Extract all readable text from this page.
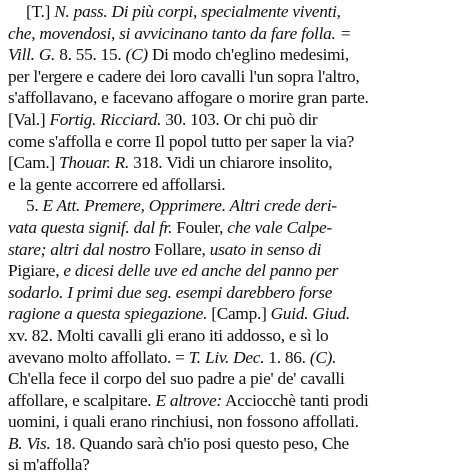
[T.] N. pass. Di più corpi, specialmente viventi,
che, movendosi, si avvicinano tanto da fare folla. =
Vill. G. 8. 55. 15. (C) Di modo ch'eglino medesimi,
per l'ergere e cadere dei loro cavalli l'un sopra l'altro,
s'affollavano, e facevano affogare o morire gran parte.
[Val.] Fortig. Ricciard. 30. 103. Or chi può dir
come s'affolla e corre Il popol tutto per saper la via?
[Cam.] Thouar. R. 318. Vidi un chiarore insolito,
e la gente accorrere ed affollarsi.
5. E Att. Premere, Opprimere. Altri crede deri-
vata questa signif. dal fr. Fouler, che vale Calpe-
stare; altri dal nostro Follare, usato in senso di
Pigiare, e dicesi delle uve ed anche del panno per
sodarlo. I primi due seg. esempi darebbero forse
ragione a questa spiegazione. [Camp.] Guid. Giud.
xv. 82. Molti cavalli gli erano iti addosso, e sì lo
avevano molto affollato. = T. Liv. Dec. 1. 86. (C).
Ch'ella fece il corpo del suo padre a pie' de' cavalli
affollare, e scalpitare. E altrove: Acciocchè tanti prodi
uomini, i quali erano rinchiusi, non fossono affollati.
B. Vis. 18. Quando sarà ch'io posi questo peso, Che
si m'affolla?
